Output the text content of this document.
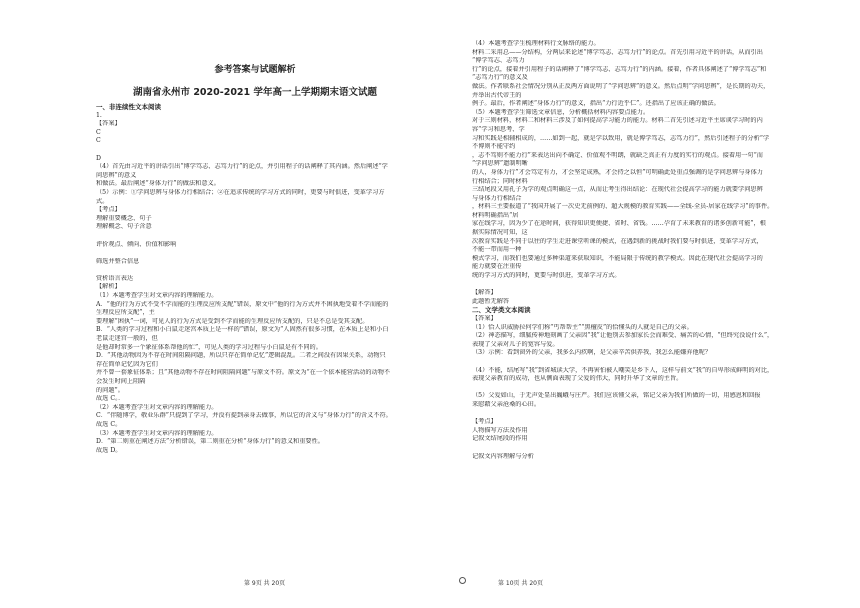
参考答案与试题解析
湖南省永州市 2020-2021 学年高一上学期期末语文试题

一、非连续性文本阅读

1.

【答案】

C

C

D

（4）首先由习近平的讲话引出“博学笃志、志笃力行”的论点，并引用程子的话阐释了其内涵。然后阐述“学

问思辨”的意义

和做法。最后阐述“身体力行”的做法和意义。

（5）示例：①学问思辨与身体力行相结合；②在追求传统的学习方式的同时，更要与时俱进，变革学习方

式。

【考点】

理解重要概念、句子

理解概念、句子含意

评价观点、倾向、价值和影响

筛选并整合信息

赏析语言表达

【解析】

（1）本题考查学生对文章内容的理解能力。

A．“他的行为方式不受不学而能的生理反应所支配”错误，原文中“他的行为方式并不困执地受着不学而能的

生理反应所支配”，主

要理解“困执”一词，可见人的行为方式是受到不学而能的生理反应所支配的，只是不总是受其支配。

B．“人类的学习过程和小白鼠走迷宫本质上是一样的”错误，原文为“人固然有很多习惯，在本质上是和小白

老鼠走迷宫一般的，但

是他却时常多一个象征体系帮他的忙”，可见人类的学习过程与小白鼠是有不同的。

D．“其他动物因为不存在时间阻隔问题，所以只存在简单记忆”逻辑混乱。二者之间没有因果关系，动物只

存在简单记忆因为它们

并不曾一套象征体系；且“其他动物不存在时间阻隔问题”与原文不符。原文为“在一个依本能营活动的动物不

会发生时间上阻隔

的问题”。

故选 C。．

（2）本题考查学生对文章内容的理解能力。

C．“伴随博学，敬业乐群”只提到了学习，并没有提到亲身去做事，所以它的含义与“身体力行”的含义不符。

故选 C。

（3）本题考查学生对文章内容的理解能力。

D．“第二则重在阐述方法”分析错误，第二则重在分析“身体力行”的意义和重要性。

故选 D。

（4）本题考查学生梳理材料行文脉络的能力。

材料二采用总——分结构，分两层来论述“博学笃志、志笃力行”的论点。首先引用习近平的讲话，从而引出

“博学笃志、志笃力

行”的论点，接着并引用程子的话阐释了“博学笃志、志笃力行”的内涵。接着，作者具体阐述了“博学笃志”和

“志笃力行”的意义及

做法。作者联系社会情况分别从正反两方面说明了“学问思辨”的意义。然后点明“学问思辨”，是长期的功夫，

并举出古代帝王的

例子。最后，作者阐述“身体力行”的意义，指出“力行近乎仁”。还指出了应该正确的做法。

（5）本题考查学生筛选文章信息，分析概括材料内容要点能力。

对于三则材料，材料二和材料三涉及了如何提高学习能力的能力。材料二首先引述习近平主席谈学习时的内

容“学习和思考、学

习和实践是相辅相成的，……如到一起，就是学以致用，就是博学笃志，志笃力行”，然后引述程子的分析“学

不博则不能守约

，志不笃则不能力行”来表达出向不确定、价值观不明朗，就缺乏真正有力度的实行的观点。接着用一句“而

“学问思辨”遗制明晰

的人，身体力行”才会笃定有力，才会坚定成熟，才会持之以恒”可明确此处重点强调的是学问思辨与身体力

行相结合；同时材料

三结尾段又用孔子为学的观点明确这一点，从而让考生得出结论：在现代社会提高学习的能力就要学问思辨

与身体力行相结合

，材料三主要报道了“我国开展了一次史无前例的、超大规模的教育实践——全线-全员-居家在线学习”的事件。

材料明确指出“居

家在线学习，因为少了在途时间，获得知识更便捷、省时、省钱。……孕育了未来教育的诸多创新可能”，根

据实际情况可知，这

次教育实践是不同于以往的学生走进课堂听课的模式，在遇到新的挑战时我们要与时俱进，变革学习方式，

不能一带而用一种

模式学习，而我们也要通过多种渠道来获取知识，不能局限于传统的教学模式。因此在现代社会提高学习的

能力就要在注重传

统的学习方式的同时，更要与时俱进，变革学习方式。

【解答】

此题暂无解答

二、文学类文本阅读

【答案】

（1）恰人识威胁拉何学们称“丐帮帮主”“黑檀皮”的恰懂头的人就是自己的父亲。

（2）神态描写，细腻传神地刻画了父亲因“我”让他别去参加家长会而难受、痛苦的心情，“但终究没说什么”，

表现了父亲对儿子的宽容与爱。

（3）示例：看到窗外的父亲，我多么内疚啊，是父亲辛苦供养我，我怎么能嫌弃他呢？

（4）不能，结尾写“我”到省城读大学，不再害怕被人嘲笑是乡下人，这样与前文“我”的自卑形成鲜明的对比，

表现父亲教育的成功，也从侧面表现了父爱的伟大，同时升华了文章的主旨。

（5）父爱如山，于无声处显出巍峨与庄严。我们应该懂父亲，铭记父亲为我们所做的一切，用感恩和回报

来慰藉父亲沧桑的心田。

【考点】

人物描写方法及作用

记叙文结尾段的作用

记叙文内容理解与分析

第 9页 共 20页	第 10页 共 20页
